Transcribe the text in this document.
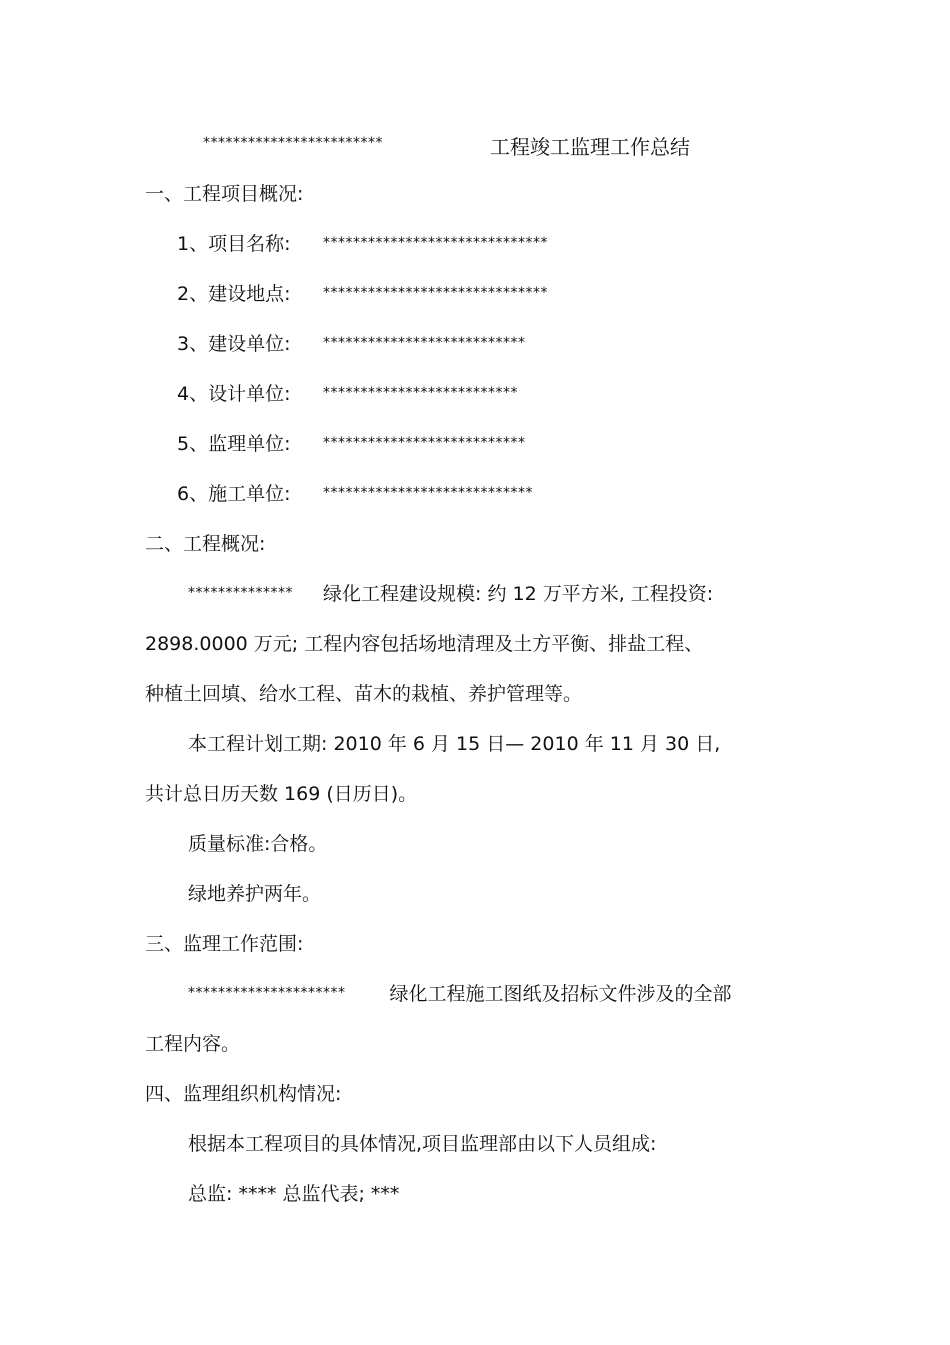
************************	工程竣工监理工作总结
一、工程项目概况:
1、项目名称: ******************************
2、建设地点: ******************************
3、建设单位: ***************************
4、设计单位: **************************
5、监理单位: ***************************
6、施工单位: ****************************
二、工程概况:
************** 绿化工程建设规模: 约 12 万平方米, 工程投资:
2898.0000 万元; 工程内容包括场地清理及土方平衡、排盐工程、
种植土回填、给水工程、苗木的栽植、养护管理等。
本工程计划工期: 2010 年 6 月 15 日— 2010 年 11 月 30 日,
共计总日历天数 169 (日历日)。
质量标准:合格。
绿地养护两年。
三、监理工作范围:
********************* 绿化工程施工图纸及招标文件涉及的全部
工程内容。
四、监理组织机构情况:
根据本工程项目的具体情况,项目监理部由以下人员组成:
总监: **** 总监代表; ***
